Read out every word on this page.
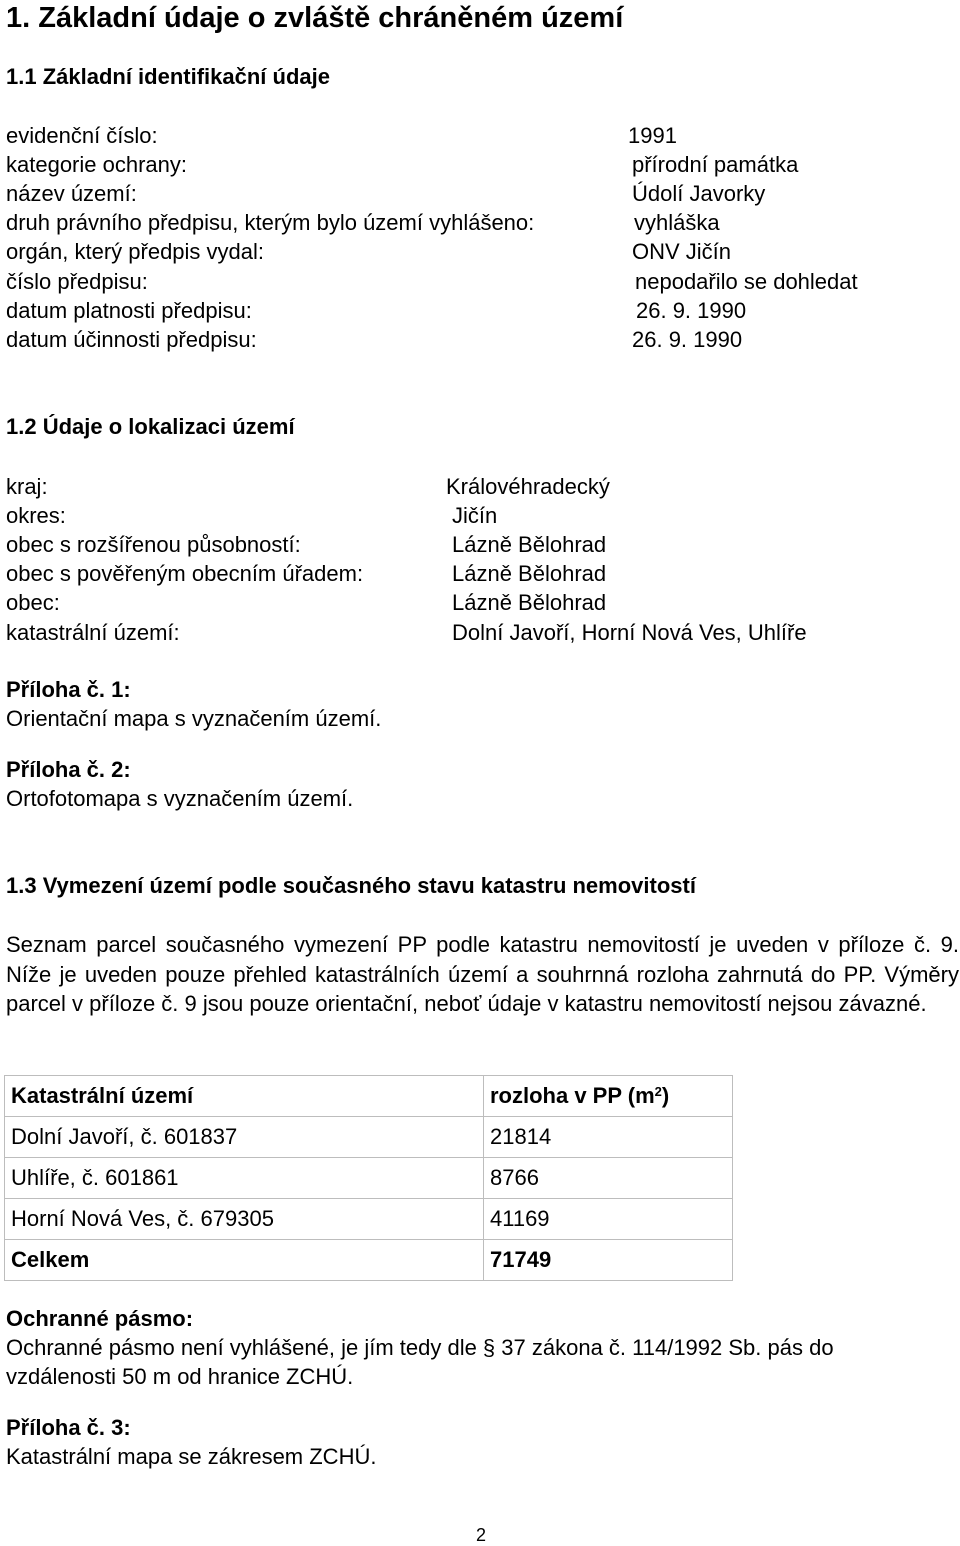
1. Základní údaje o zvláště chráněném území
1.1 Základní identifikační údaje
evidenční číslo:	1991
kategorie ochrany:	přírodní památka
název území:	Údolí Javorky
druh právního předpisu, kterým bylo území vyhlášeno:	vyhláška
orgán, který předpis vydal:	ONV Jičín
číslo předpisu:	nepodařilo se dohledat
datum platnosti předpisu:	26. 9. 1990
datum účinnosti předpisu:	26. 9. 1990
1.2 Údaje o lokalizaci území
kraj:	Královéhradecký
okres:	Jičín
obec s rozšířenou působností:	Lázně Bělohrad
obec s pověřeným obecním úřadem:	Lázně Bělohrad
obec:	Lázně Bělohrad
katastrální území:	Dolní Javoří, Horní Nová Ves, Uhlíře
Příloha č. 1:
Orientační mapa s vyznačením území.
Příloha č. 2:
Ortofotomapa s vyznačením území.
1.3 Vymezení území podle současného stavu katastru nemovitostí
Seznam parcel současného vymezení PP podle katastru nemovitostí je uveden v příloze č. 9. Níže je uveden pouze přehled katastrálních území a souhrnná rozloha zahrnutá do PP. Výměry parcel v příloze č. 9 jsou pouze orientační, neboť údaje v katastru nemovitostí nejsou závazné.
Katastrální území	rozloha v PP $(m^2)$
Dolní Javoří, č. 601837	21814
Uhlíře, č. 601861	8766
Horní Nová Ves, č. 679305	41169
Celkem	71749
Ochranné pásmo:
Ochranné pásmo není vyhlášené, je jím tedy dle § 37 zákona č. 114/1992 Sb. pás do
vzdálenosti 50 m od hranice ZCHÚ.
Příloha č. 3:
Katastrální mapa se zákresem ZCHÚ.
2
